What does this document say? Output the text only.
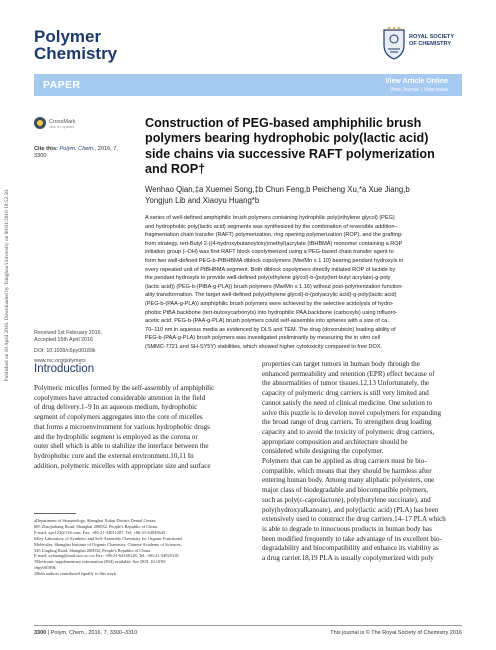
Published on 18 April 2016. Downloaded by Tsinghua University on 08/01/2018 18:52:50.
Polymer
Chemistry
ROYAL SOCIETY
OF CHEMISTRY
PAPER	View Article Online
View Journal | View Issue
CrossMark
click for updates
Cite this: Polym. Chem., 2016, 7,
3300
Construction of PEG-based amphiphilic brush
polymers bearing hydrophobic poly(lactic acid)
side chains via successive RAFT polymerization
and ROP†
Wenhao Qian,‡a Xuemei Song,‡b Chun Feng,b Peicheng Xu,*a Xue Jiang,b
Yongjun Lib and Xiaoyu Huang*b
A series of well-defined amphiphilic brush polymers containing hydrophilic poly(ethylene glycol) (PEG)
and hydrophobic poly(lactic acid) segments was synthesized by the combination of reversible addition–
fragmentation chain transfer (RAFT) polymerization, ring opening polymerization (ROP), and the grafting-
from strategy. tert-Butyl 2-((4-hydroxybutanoyloxy)methyl)acrylate (tBHBMA) monomer containing a ROP
initiation group (–OH) was first RAFT block copolymerized using a PEG-based chain transfer agent to
form two well-defined PEG-b-PtBHBMA diblock copolymers (Mw/Mn ≤ 1.10) bearing pendant hydroxyls in
every repeated unit of PtBHBMA segment. Both diblock copolymers directly initiated ROP of lactide by
the pendant hydroxyls to provide well-defined poly(ethylene glycol)-b-(poly(tert-butyl acrylate)-g-poly
(lactic acid)) (PEG-b-(PtBA-g-PLA)) brush polymers (Mw/Mn ≤ 1.16) without post-polymerization function-
ality transformation. The target well-defined poly(ethylene glycol)-b-(polyacrylic acid)-g-poly(lactic acid)
(PEG-b-(PAA-g-PLA)) amphiphilic brush polymers were achieved by the selective acidolysis of hydro-
phobic PtBA backbone (tert-butoxycarbonyls) into hydrophilic PAA backbone (carboxyls) using trifluoro-
acetic acid. PEG-b-(PAA-g-PLA) brush polymers could self-assemble into spheres with a size of ca.
70–110 nm in aqueous media as evidenced by DLS and TEM. The drug (doxorubicin) loading ability of
PEG-b-(PAA-g-PLA) brush polymers was investigated preliminarily by measuring the in vitro cell
(SMMC-7721 and SH-SY5Y) viabilities, which showed higher cytotoxicity compared to free DOX.
Received 1st February 2016,
Accepted 15th April 2016
DOI: 10.1039/c6py00189k
www.rsc.org/polymers
Introduction
Polymeric micelles formed by the self-assembly of amphiphilic
copolymers have attracted considerable attention in the field
of drug delivery.1–9 In an aqueous medium, hydrophobic
segment of copolymers aggregates into the core of micelles
that forms a microenvironment for various hydrophobic drugs
and the hydrophilic segment is employed as the corona or
outer shell which is able to stabilize the interface between the
hydrophobic core and the external environment.10,11 In
addition, polymeric micelles with appropriate size and surface
properties can target tumors in human body through the
enhanced permeability and retention (EPR) effect because of
the abnormalities of tumor tissues.12,13 Unfortunately, the
capacity of polymeric drug carriers is still very limited and
cannot satisfy the need of clinical medicine. One solution to
solve this puzzle is to develop novel copolymers for expanding
the broad range of drug carriers. To strengthen drug loading
capacity and to avoid the toxicity of polymeric drug carriers,
appropriate composition and architecture should be
considered while designing the copolymer.
Polymers that can be applied as drug carriers must be bio-
compatible, which means that they should be harmless after
entering human body. Among many aliphatic polyesters, one
major class of biodegradable and biocompatible polymers,
such as poly(ε-caprolactone), poly(butylene succinate), and
poly(hydroxyalkanoate), and poly(lactic acid) (PLA) has been
extensively used to construct the drug carriers.14–17 PLA which
is able to degrade to innocuous products in human body has
been modified frequently to take advantage of its excellent bio-
degradability and biocompatibility and enhance its viability as
a drug carrier.18,19 PLA is usually copolymerized with poly
aDepartment of Stomatology, Shanghai Xuhui District Dental Center,
685 Zhaojiabang Road, Shanghai 200032, People's Republic of China.
E-mail: xpc123@126.com; Fax: +86-21-34011287; Tel: +86-21-64045643
bKey Laboratory of Synthetic and Self-Assembly Chemistry for Organic Functional
Molecules, Shanghai Institute of Organic Chemistry, Chinese Academy of Sciences,
345 Lingling Road, Shanghai 200032, People's Republic of China.
E-mail: xyhuang@mail.sioc.ac.cn; Fax: +86-21-64166128; Tel: +86-21-54925310
†Electronic supplementary information (ESI) available. See DOI: 10.1039/
c6py00189k
‡Both authors contributed equally to this work.
3300 | Polym. Chem., 2016, 7, 3300–3310	This journal is © The Royal Society of Chemistry 2016
